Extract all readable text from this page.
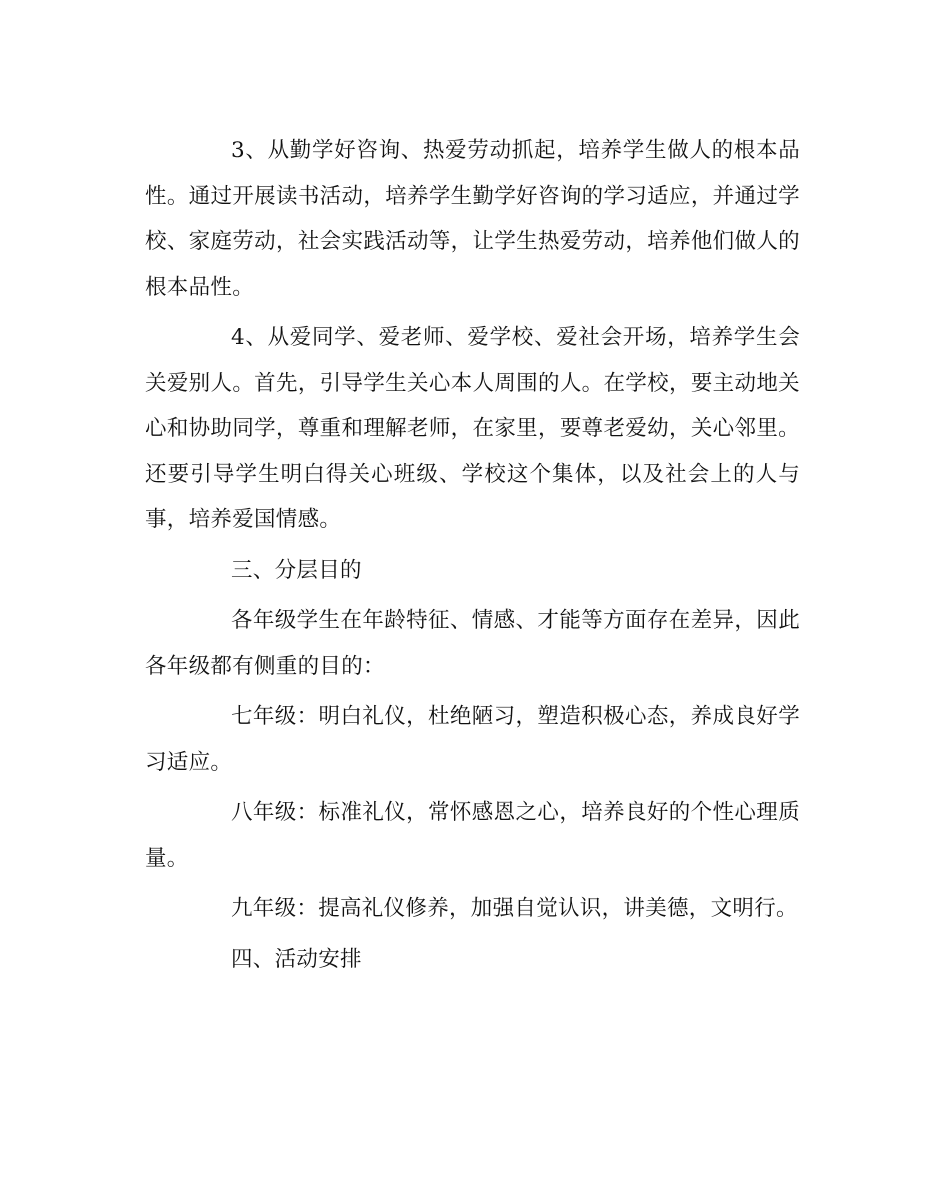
3、从勤学好咨询、热爱劳动抓起，培养学生做人的根本品性。通过开展读书活动，培养学生勤学好咨询的学习适应，并通过学校、家庭劳动，社会实践活动等，让学生热爱劳动，培养他们做人的根本品性。

4、从爱同学、爱老师、爱学校、爱社会开场，培养学生会关爱别人。首先，引导学生关心本人周围的人。在学校，要主动地关心和协助同学，尊重和理解老师，在家里，要尊老爱幼，关心邻里。还要引导学生明白得关心班级、学校这个集体，以及社会上的人与事，培养爱国情感。

三、分层目的

各年级学生在年龄特征、情感、才能等方面存在差异，因此各年级都有侧重的目的：

七年级：明白礼仪，杜绝陋习，塑造积极心态，养成良好学习适应。

八年级：标准礼仪，常怀感恩之心，培养良好的个性心理质量。

九年级：提高礼仪修养，加强自觉认识，讲美德，文明行。

四、活动安排
